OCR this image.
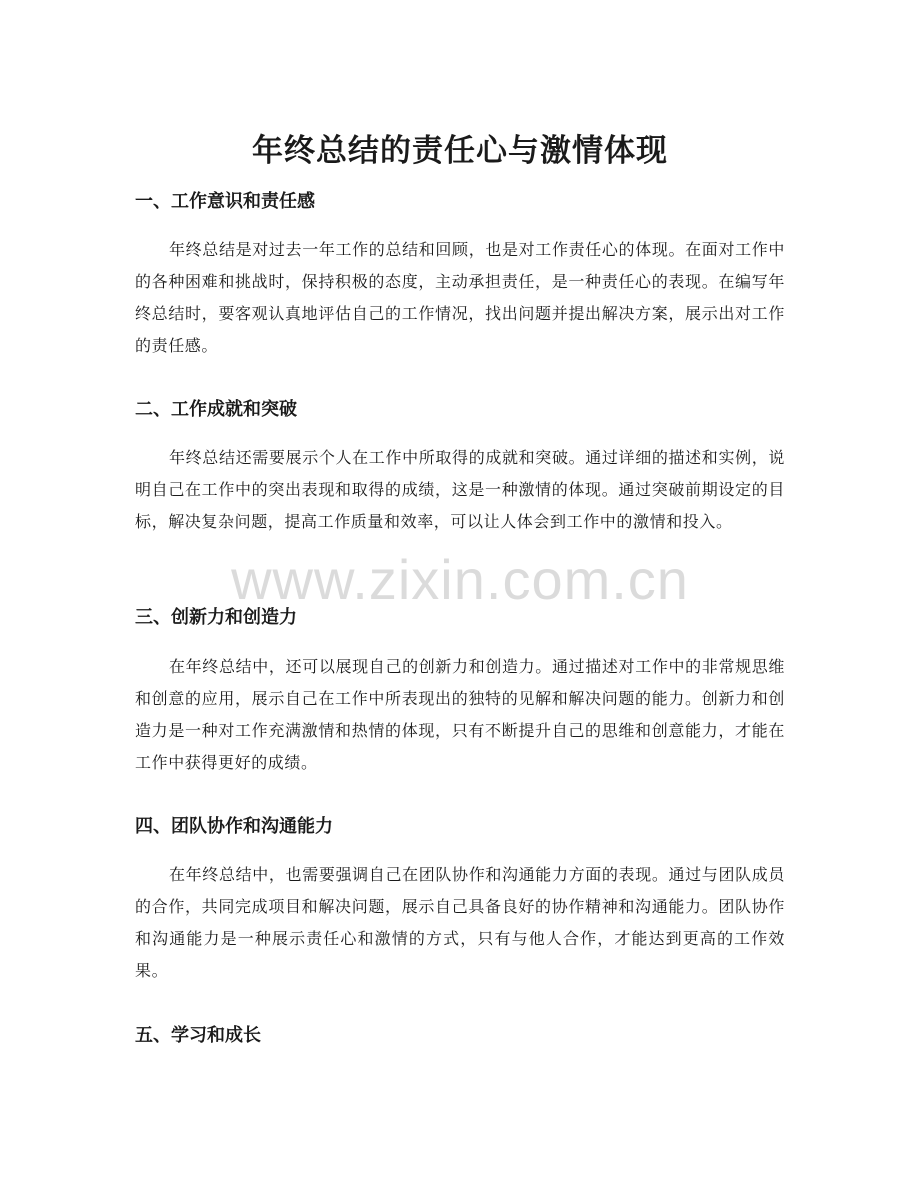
年终总结的责任心与激情体现
一、工作意识和责任感

年终总结是对过去一年工作的总结和回顾，也是对工作责任心的体现。在面对工作中的各种困难和挑战时，保持积极的态度，主动承担责任，是一种责任心的表现。在编写年终总结时，要客观认真地评估自己的工作情况，找出问题并提出解决方案，展示出对工作的责任感。

二、工作成就和突破

年终总结还需要展示个人在工作中所取得的成就和突破。通过详细的描述和实例，说明自己在工作中的突出表现和取得的成绩，这是一种激情的体现。通过突破前期设定的目标，解决复杂问题，提高工作质量和效率，可以让人体会到工作中的激情和投入。

三、创新力和创造力

在年终总结中，还可以展现自己的创新力和创造力。通过描述对工作中的非常规思维和创意的应用，展示自己在工作中所表现出的独特的见解和解决问题的能力。创新力和创造力是一种对工作充满激情和热情的体现，只有不断提升自己的思维和创意能力，才能在工作中获得更好的成绩。

四、团队协作和沟通能力

在年终总结中，也需要强调自己在团队协作和沟通能力方面的表现。通过与团队成员的合作，共同完成项目和解决问题，展示自己具备良好的协作精神和沟通能力。团队协作和沟通能力是一种展示责任心和激情的方式，只有与他人合作，才能达到更高的工作效果。

五、学习和成长
www.zixin.com.cn
